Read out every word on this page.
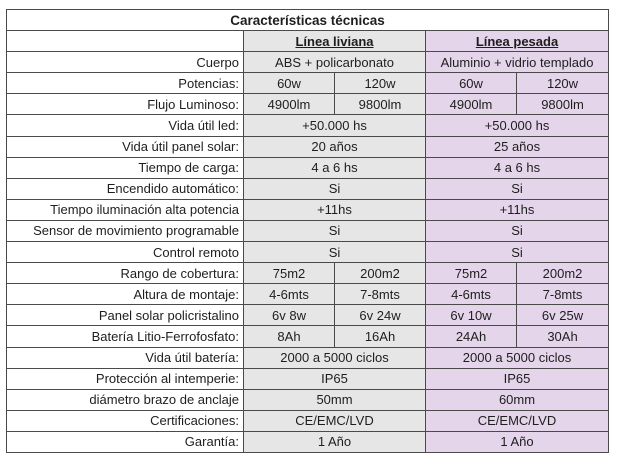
Características técnicas				
	Línea liviana		Línea pesada	
Cuerpo	ABS + policarbonato		Aluminio + vidrio templado	
Potencias:	60w	120w	60w	120w
Flujo Luminoso:	4900lm	9800lm	4900lm	9800lm
Vida útil led:	+50.000 hs		+50.000 hs	
Vida útil panel solar:	20 años		25 años	
Tiempo de carga:	4 a 6 hs		4 a 6 hs	
Encendido automático:	Si		Si	
Tiempo iluminación alta potencia	+11hs		+11hs	
Sensor de movimiento programable	Si		Si	
Control remoto	Si		Si	
Rango de cobertura:	75m2	200m2	75m2	200m2
Altura de montaje:	4-6mts	7-8mts	4-6mts	7-8mts
Panel solar policristalino	6v 8w	6v 24w	6v 10w	6v 25w
Batería Litio-Ferrofosfato:	8Ah	16Ah	24Ah	30Ah
Vida útil batería:	2000 a 5000 ciclos		2000 a 5000 ciclos	
Protección al intemperie:	IP65		IP65	
diámetro brazo de anclaje	50mm		60mm	
Certificaciones:	CE/EMC/LVD		CE/EMC/LVD	
Garantía:	1 Año		1 Año	
